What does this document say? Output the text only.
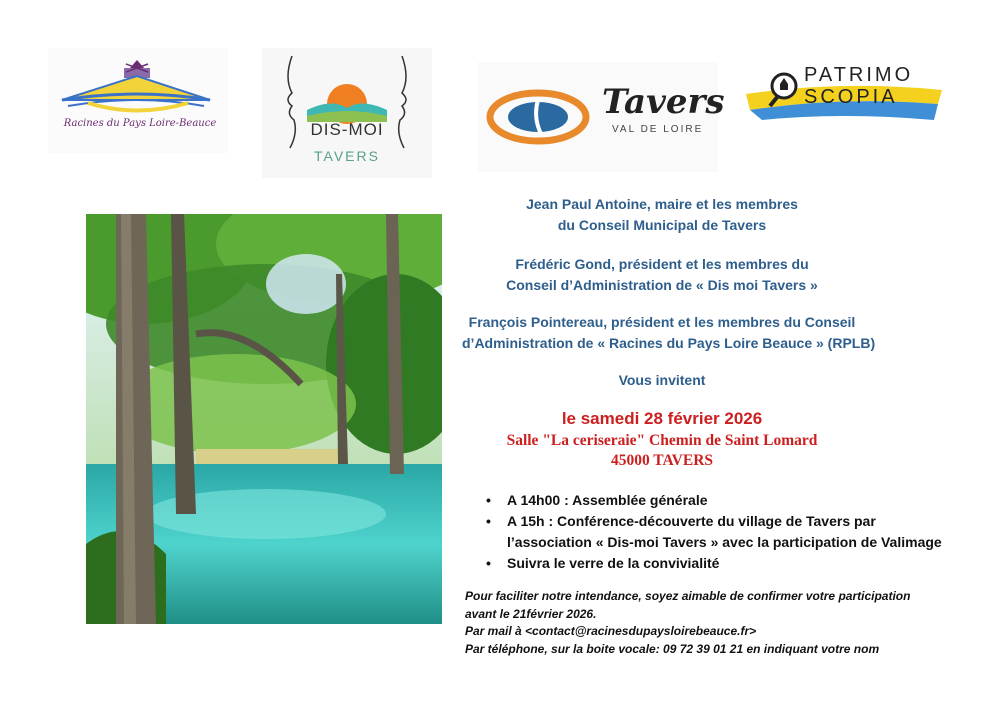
Racines du Pays Loire-Beauce	DIS-MOI
TAVERS
Tavers
VAL DE LOIRE
PATRIMO
SCOPIA
Jean Paul Antoine, maire et les membres
du Conseil Municipal de Tavers
Frédéric Gond, président et les membres du
Conseil d’Administration de « Dis moi Tavers »
François Pointereau, président et les membres du Conseil
d’Administration de « Racines du Pays Loire Beauce » (RPLB)
Vous invitent
le samedi 28 février 2026
Salle "La ceriseraie" Chemin de Saint Lomard
45000 TAVERS
• A 14h00 : Assemblée générale
• A 15h : Conférence-découverte du village de Tavers par
l’association « Dis-moi Tavers » avec la participation de Valimage
• Suivra le verre de la convivialité
Pour faciliter notre intendance, soyez aimable de confirmer votre participation
avant le 21février 2026.
Par mail à <contact@racinesdupaysloirebeauce.fr>
Par téléphone, sur la boite vocale: 09 72 39 01 21 en indiquant votre nom
